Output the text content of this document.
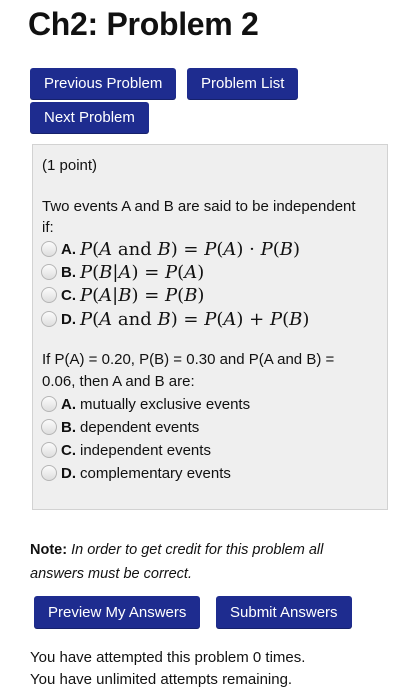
Ch2: Problem 2
Previous Problem	Problem List
Next Problem
(1 point)
Two events A and B are said to be independent
if:
A. P(A and B) = P(A) · P(B)
B. P(B|A) = P(A)
C. P(A|B) = P(B)
D. P(A and B) = P(A) + P(B)
If P(A) = 0.20, P(B) = 0.30 and P(A and B) =
0.06, then A and B are:
A. mutually exclusive events
B. dependent events
C. independent events
D. complementary events
Note: In order to get credit for this problem all
answers must be correct.
Preview My Answers	Submit Answers
You have attempted this problem 0 times.
You have unlimited attempts remaining.
